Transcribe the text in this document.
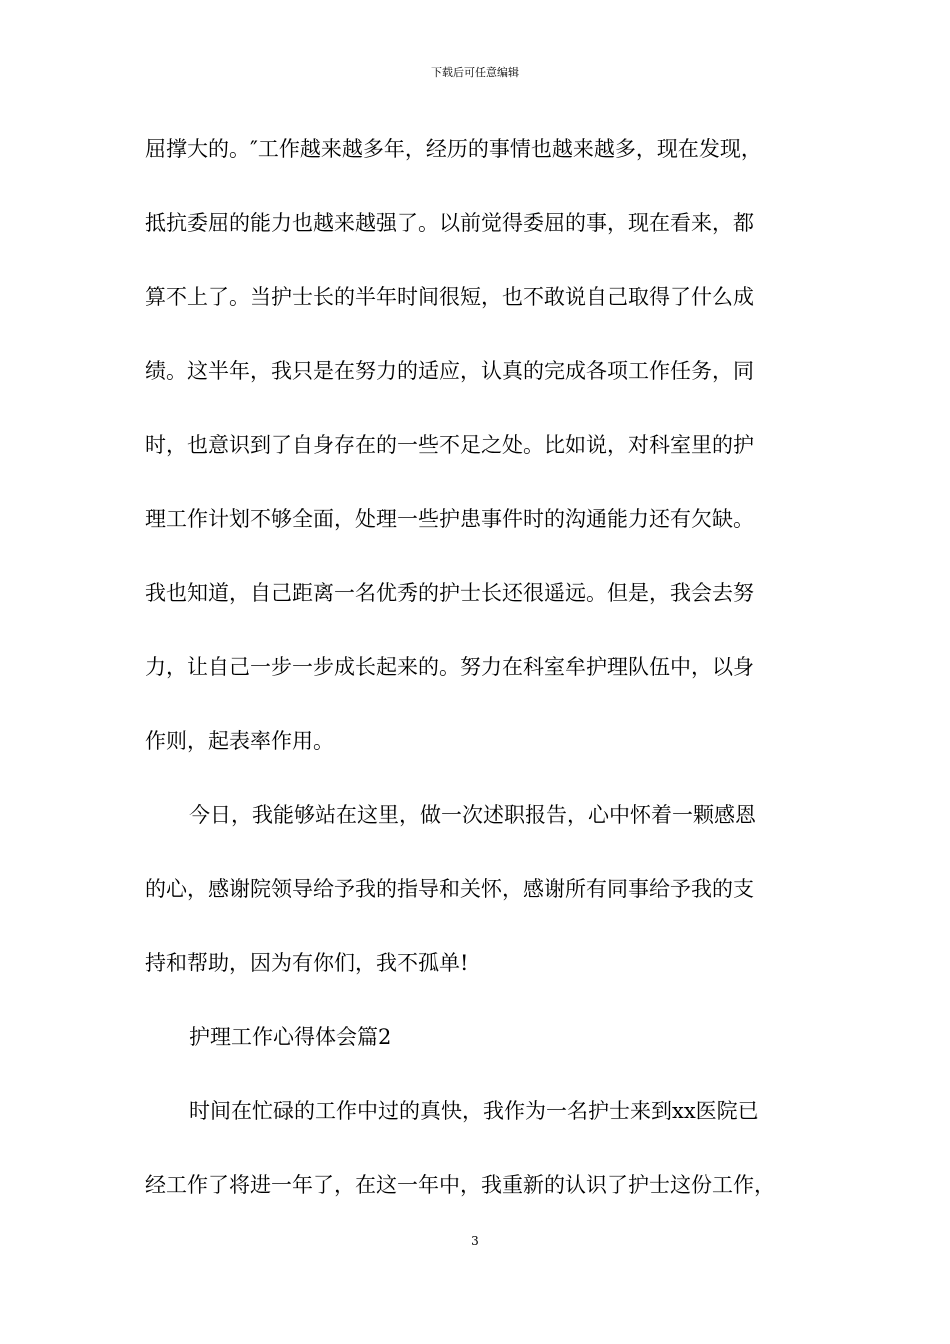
下载后可任意编辑
屈撑大的。″工作越来越多年，经历的事情也越来越多，现在发现，
抵抗委屈的能力也越来越强了。以前觉得委屈的事，现在看来，都
算不上了。当护士长的半年时间很短，也不敢说自己取得了什么成
绩。这半年，我只是在努力的适应，认真的完成各项工作任务，同
时，也意识到了自身存在的一些不足之处。比如说，对科室里的护
理工作计划不够全面，处理一些护患事件时的沟通能力还有欠缺。
我也知道，自己距离一名优秀的护士长还很遥远。但是，我会去努
力，让自己一步一步成长起来的。努力在科室牟护理队伍中，以身
作则，起表率作用。
今日，我能够站在这里，做一次述职报告，心中怀着一颗感恩
的心，感谢院领导给予我的指导和关怀，感谢所有同事给予我的支
持和帮助，因为有你们，我不孤单!
护理工作心得体会篇2
时间在忙碌的工作中过的真快，我作为一名护士来到xx医院已
经工作了将进一年了，在这一年中，我重新的认识了护士这份工作，
3
